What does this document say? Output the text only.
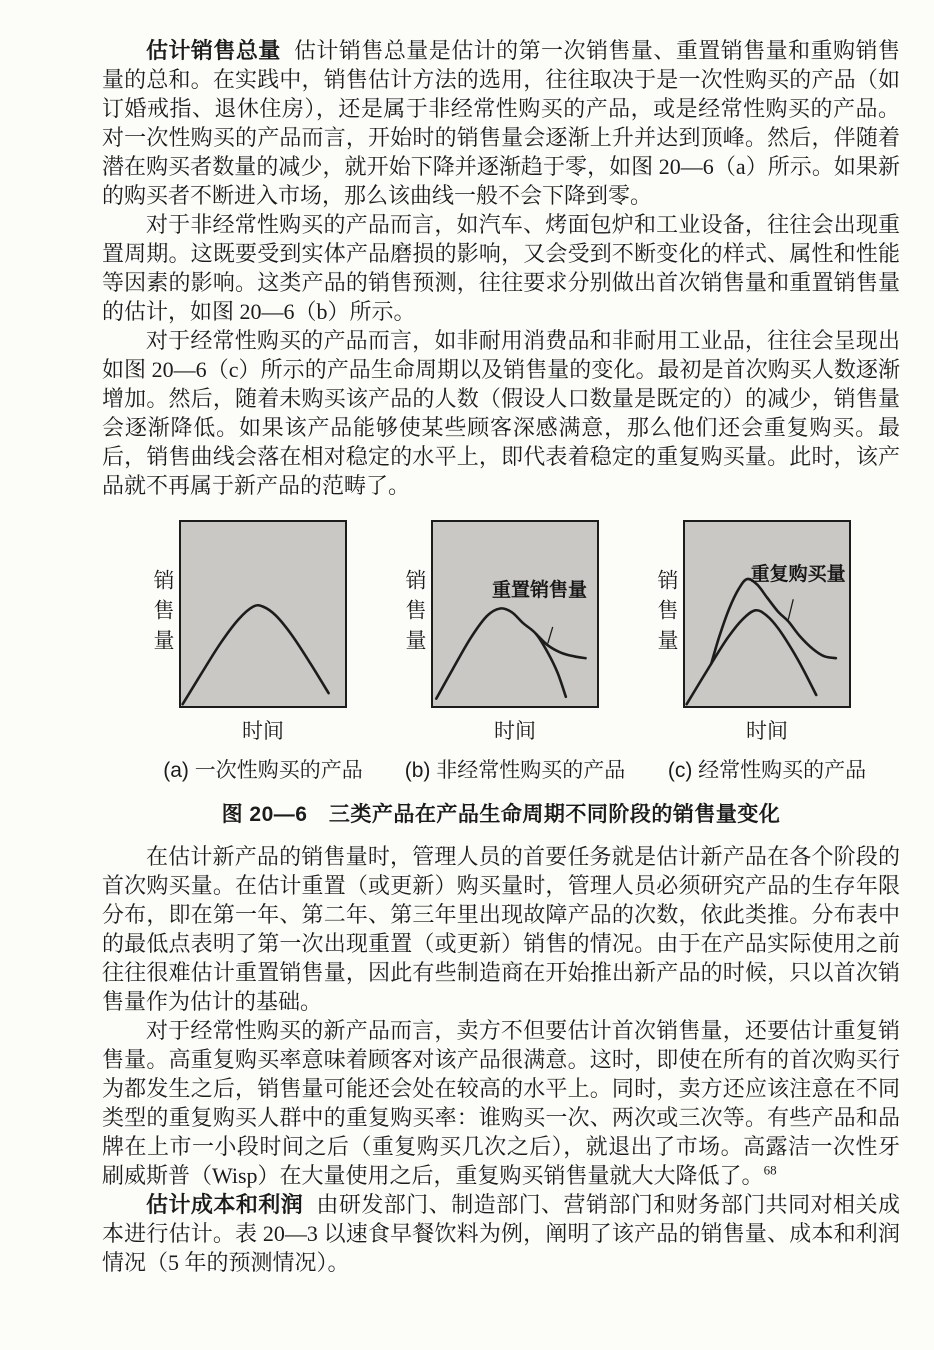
估计销售总量 估计销售总量是估计的第一次销售量、重置销售量和重购销售量的总和。在实践中，销售估计方法的选用，往往取决于是一次性购买的产品（如订婚戒指、退休住房），还是属于非经常性购买的产品，或是经常性购买的产品。对一次性购买的产品而言，开始时的销售量会逐渐上升并达到顶峰。然后，伴随着潜在购买者数量的减少，就开始下降并逐渐趋于零，如图 20—6（a）所示。如果新的购买者不断进入市场，那么该曲线一般不会下降到零。

对于非经常性购买的产品而言，如汽车、烤面包炉和工业设备，往往会出现重置周期。这既要受到实体产品磨损的影响，又会受到不断变化的样式、属性和性能等因素的影响。这类产品的销售预测，往往要求分别做出首次销售量和重置销售量的估计，如图 20—6（b）所示。

对于经常性购买的产品而言，如非耐用消费品和非耐用工业品，往往会呈现出如图 20—6（c）所示的产品生命周期以及销售量的变化。最初是首次购买人数逐渐增加。然后，随着未购买该产品的人数（假设人口数量是既定的）的减少，销售量会逐渐降低。如果该产品能够使某些顾客深感满意，那么他们还会重复购买。最后，销售曲线会落在相对稳定的水平上，即代表着稳定的重复购买量。此时，该产品就不再属于新产品的范畴了。

销售量
时间
(a) 一次性购买的产品
销售量	重置销售量
时间
(b) 非经常性购买的产品
销售量	重复购买量
时间
(c) 经常性购买的产品
图 20—6　三类产品在产品生命周期不同阶段的销售量变化

在估计新产品的销售量时，管理人员的首要任务就是估计新产品在各个阶段的首次购买量。在估计重置（或更新）购买量时，管理人员必须研究产品的生存年限分布，即在第一年、第二年、第三年里出现故障产品的次数，依此类推。分布表中的最低点表明了第一次出现重置（或更新）销售的情况。由于在产品实际使用之前往往很难估计重置销售量，因此有些制造商在开始推出新产品的时候，只以首次销售量作为估计的基础。

对于经常性购买的新产品而言，卖方不但要估计首次销售量，还要估计重复销售量。高重复购买率意味着顾客对该产品很满意。这时，即使在所有的首次购买行为都发生之后，销售量可能还会处在较高的水平上。同时，卖方还应该注意在不同类型的重复购买人群中的重复购买率：谁购买一次、两次或三次等。有些产品和品牌在上市一小段时间之后（重复购买几次之后），就退出了市场。高露洁一次性牙刷威斯普（Wisp）在大量使用之后，重复购买销售量就大大降低了。$^{68}$

估计成本和利润 由研发部门、制造部门、营销部门和财务部门共同对相关成本进行估计。表 20—3 以速食早餐饮料为例，阐明了该产品的销售量、成本和利润情况（5 年的预测情况）。
